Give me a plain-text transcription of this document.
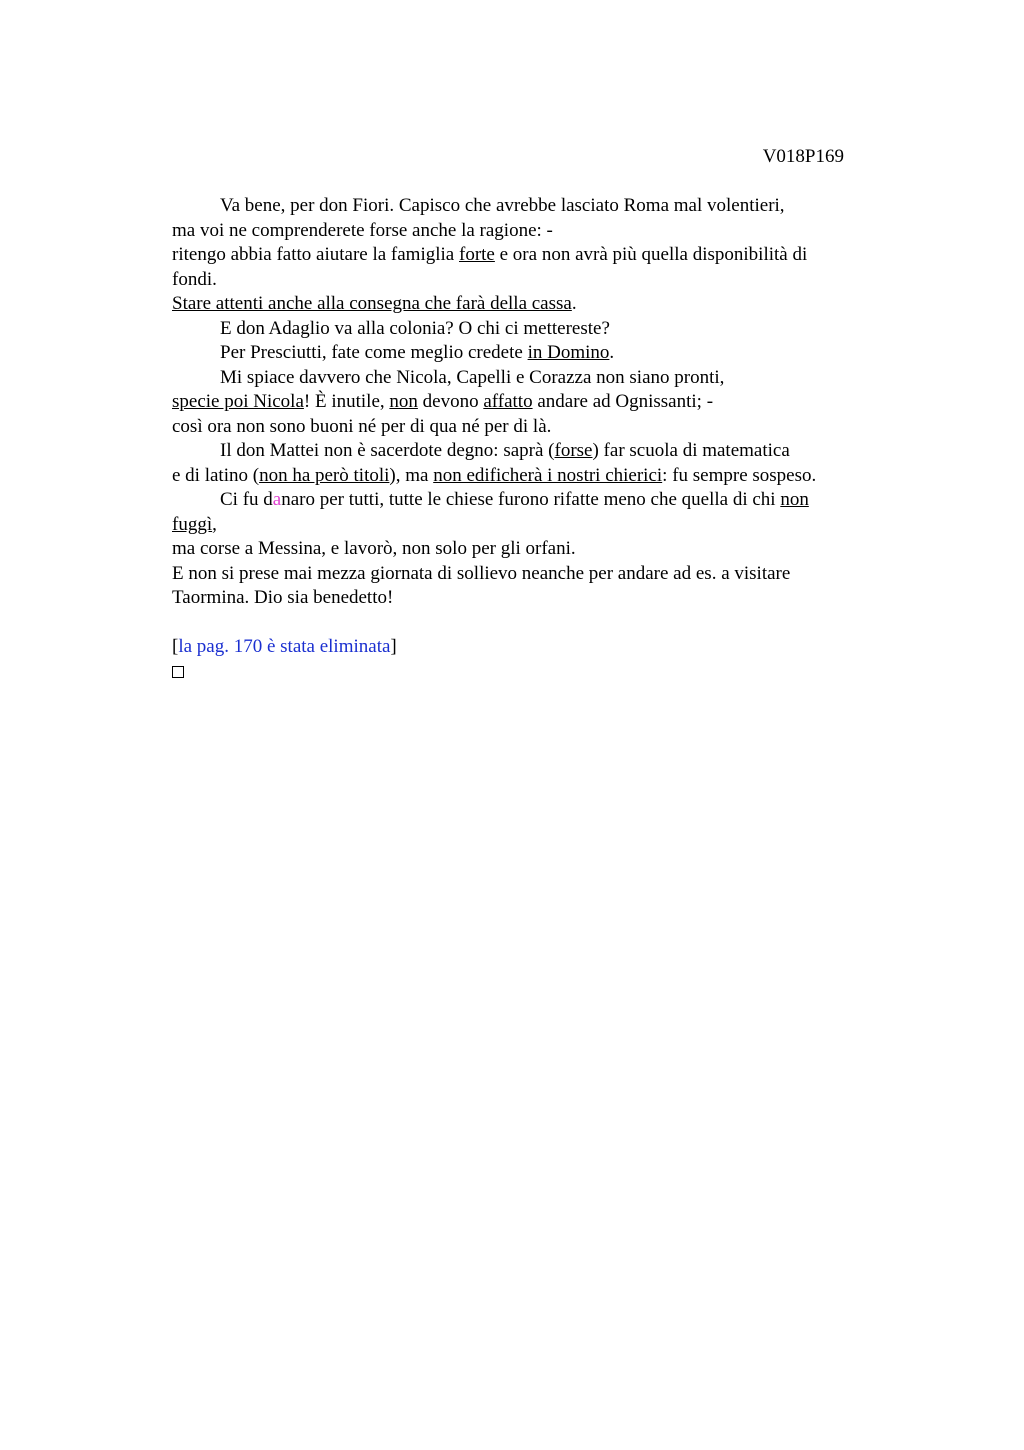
V018P169
Va bene, per don Fiori. Capisco che avrebbe lasciato Roma mal volentieri,
ma voi ne comprenderete forse anche la ragione: -
ritengo abbia fatto aiutare la famiglia forte e ora non avrà più quella disponibilità di
fondi.
Stare attenti anche alla consegna che farà della cassa.
E don Adaglio va alla colonia? O chi ci mettereste?
Per Presciutti, fate come meglio credete in Domino.
Mi spiace davvero che Nicola, Capelli e Corazza non siano pronti,
specie poi Nicola! È inutile, non devono affatto andare ad Ognissanti; -
così ora non sono buoni né per di qua né per di là.
Il don Mattei non è sacerdote degno: saprà (forse) far scuola di matematica
e di latino (non ha però titoli), ma non edificherà i nostri chierici: fu sempre sospeso.
Ci fu danaro per tutti, tutte le chiese furono rifatte meno che quella di chi non
fuggì,
ma corse a Messina, e lavorò, non solo per gli orfani.
E non si prese mai mezza giornata di sollievo neanche per andare ad es. a visitare
Taormina. Dio sia benedetto!
[la pag. 170 è stata eliminata]
